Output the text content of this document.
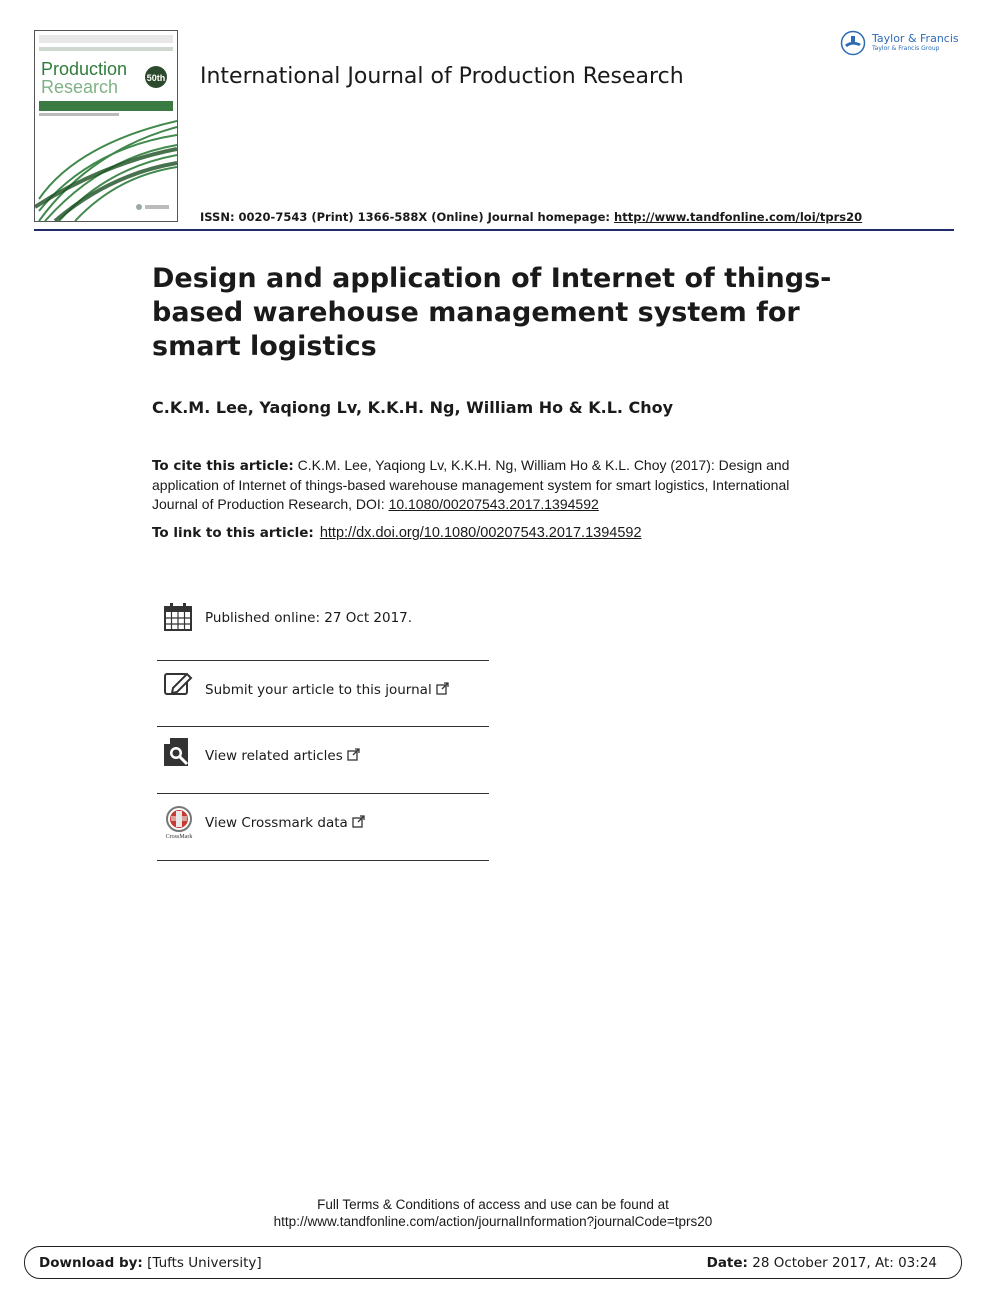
Production
Research	50th International Journal of Production Research
Taylor & Francis
Taylor & Francis Group
ISSN: 0020-7543 (Print) 1366-588X (Online) Journal homepage: http://www.tandfonline.com/loi/tprs20
Design and application of Internet of things-based warehouse management system for smart logistics
C.K.M. Lee, Yaqiong Lv, K.K.H. Ng, William Ho & K.L. Choy
To cite this article: C.K.M. Lee, Yaqiong Lv, K.K.H. Ng, William Ho & K.L. Choy (2017): Design and application of Internet of things-based warehouse management system for smart logistics, International Journal of Production Research, DOI: 10.1080/00207543.2017.1394592
To link to this article: http://dx.doi.org/10.1080/00207543.2017.1394592
Published online: 27 Oct 2017.
Submit your article to this journal
View related articles
CrossMark
View Crossmark data
Full Terms & Conditions of access and use can be found at
http://www.tandfonline.com/action/journalInformation?journalCode=tprs20
Download by: [Tufts University]	Date: 28 October 2017, At: 03:24
